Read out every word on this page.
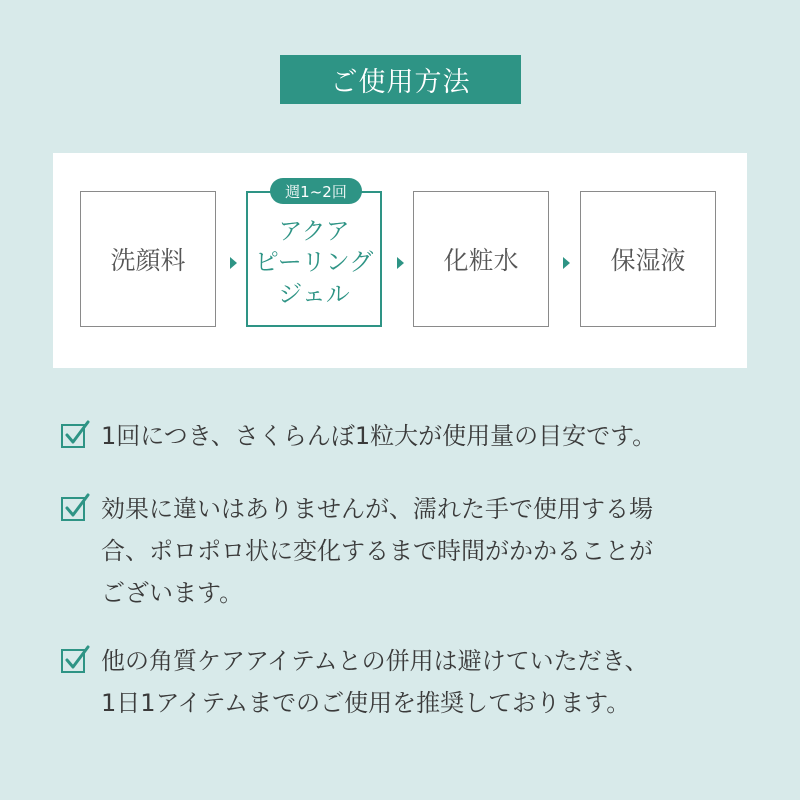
ご使用方法
洗顔料
アクア
ピーリング
ジェル
週1~2回
化粧水	保湿液
1回につき、さくらんぼ1粒大が使用量の目安です。
効果に違いはありませんが、濡れた手で使用する場
合、ポロポロ状に変化するまで時間がかかることが
ございます。
他の角質ケアアイテムとの併用は避けていただき、
1日1アイテムまでのご使用を推奨しております。
